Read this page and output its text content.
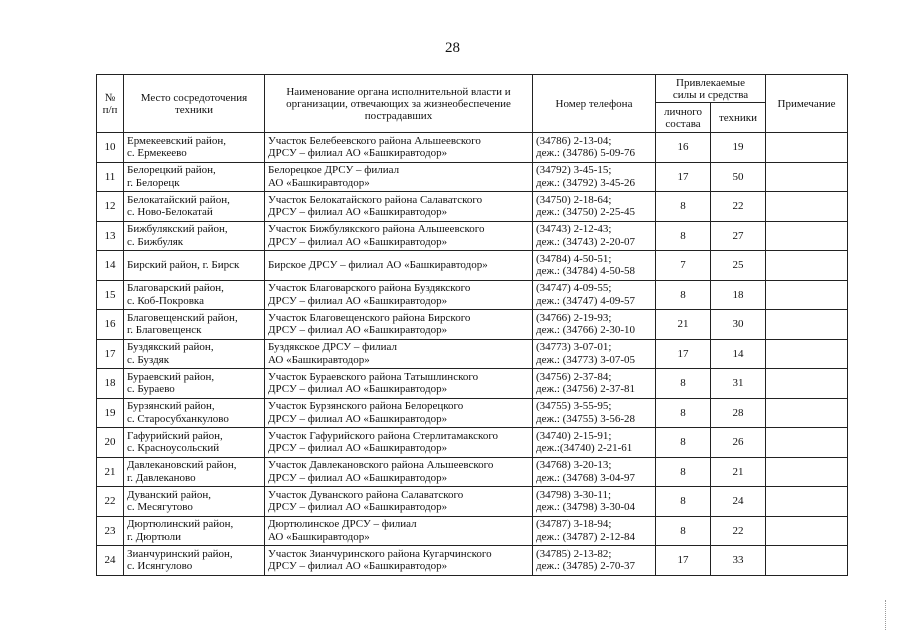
28
№
п/п	Место сосредоточения
техники	Наименование органа исполнительной власти и
организации, отвечающих за жизнеобеспечение
пострадавших	Номер телефона	Привлекаемые
силы и средства		Примечание

				личного
состава	техники	

10	Ермекеевский район,
с. Ермекеево	Участок Белебеевского района Альшеевского
ДРСУ – филиал АО «Башкиравтодор»	(34786) 2-13-04;
деж.: (34786) 5-09-76	16	19	

11	Белорецкий район,
г. Белорецк	Белорецкое ДРСУ – филиал
АО «Башкиравтодор»	(34792) 3-45-15;
деж.: (34792) 3-45-26	17	50	

12	Белокатайский район,
с. Ново-Белокатай	Участок Белокатайского района Салаватского
ДРСУ – филиал АО «Башкиравтодор»	(34750) 2-18-64;
деж.: (34750) 2-25-45	8	22	

13	Бижбулякский район,
с. Бижбуляк	Участок Бижбулякского района Альшеевского
ДРСУ – филиал АО «Башкиравтодор»	(34743) 2-12-43;
деж.: (34743) 2-20-07	8	27	

14	Бирский район, г. Бирск	Бирское ДРСУ – филиал АО «Башкиравтодор»	(34784) 4-50-51;
деж.: (34784) 4-50-58	7	25	

15	Благоварский район,
с. Коб-Покровка	Участок Благоварского района Буздякского
ДРСУ – филиал АО «Башкиравтодор»	(34747) 4-09-55;
деж.: (34747) 4-09-57	8	18	

16	Благовещенский район,
г. Благовещенск	Участок Благовещенского района Бирского
ДРСУ – филиал АО «Башкиравтодор»	(34766) 2-19-93;
деж.: (34766) 2-30-10	21	30	

17	Буздякский район,
с. Буздяк	Буздякское ДРСУ – филиал
АО «Башкиравтодор»	(34773) 3-07-01;
деж.: (34773) 3-07-05	17	14	

18	Бураевский район,
с. Бураево	Участок Бураевского района Татышлинского
ДРСУ – филиал АО «Башкиравтодор»	(34756) 2-37-84;
деж.: (34756) 2-37-81	8	31	

19	Бурзянский район,
с. Старосубханкулово	Участок Бурзянского района Белорецкого
ДРСУ – филиал АО «Башкиравтодор»	(34755) 3-55-95;
деж.: (34755) 3-56-28	8	28	

20	Гафурийский район,
с. Красноусольский	Участок Гафурийского района Стерлитамакского
ДРСУ – филиал АО «Башкиравтодор»	(34740) 2-15-91;
деж.:(34740) 2-21-61	8	26	

21	Давлекановский район,
г. Давлеканово	Участок Давлекановского района Альшеевского
ДРСУ – филиал АО «Башкиравтодор»	(34768) 3-20-13;
деж.: (34768) 3-04-97	8	21	

22	Дуванский район,
с. Месягутово	Участок Дуванского района Салаватского
ДРСУ – филиал АО «Башкиравтодор»	(34798) 3-30-11;
деж.: (34798) 3-30-04	8	24	

23	Дюртюлинский район,
г. Дюртюли	Дюртюлинское ДРСУ – филиал
АО «Башкиравтодор»	(34787) 3-18-94;
деж.: (34787) 2-12-84	8	22	

24	Зианчуринский район,
с. Исянгулово	Участок Зианчуринского района Кугарчинского
ДРСУ – филиал АО «Башкиравтодор»	(34785) 2-13-82;
деж.: (34785) 2-70-37	17	33	
